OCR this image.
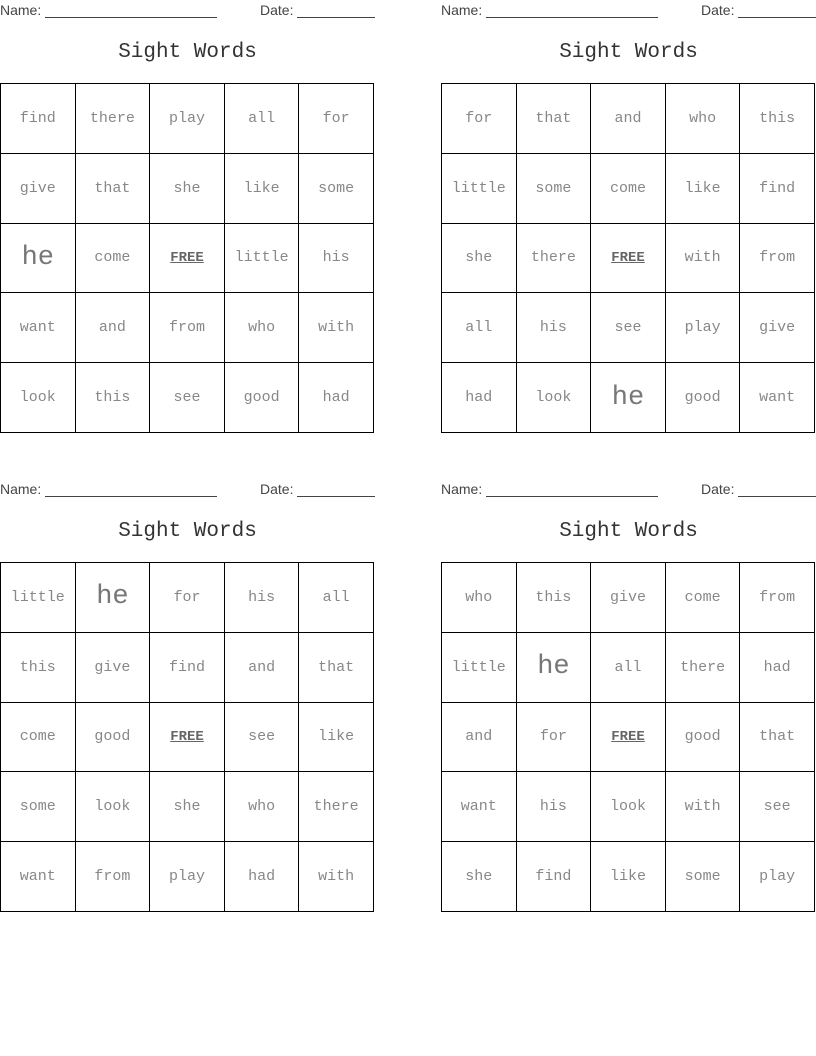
Name:	Date:
Sight Words
find	there	play	all	for
give	that	she	like	some
he	come	FREE	little	his
want	and	from	who	with
look	this	see	good	had
Name:	Date:
Sight Words
for	that	and	who	this
little	some	come	like	find
she	there	FREE	with	from
all	his	see	play	give
had	look	he	good	want
Name:	Date:
Sight Words
little	he	for	his	all
this	give	find	and	that
come	good	FREE	see	like
some	look	she	who	there
want	from	play	had	with
Name:	Date:
Sight Words
who	this	give	come	from
little	he	all	there	had
and	for	FREE	good	that
want	his	look	with	see
she	find	like	some	play
